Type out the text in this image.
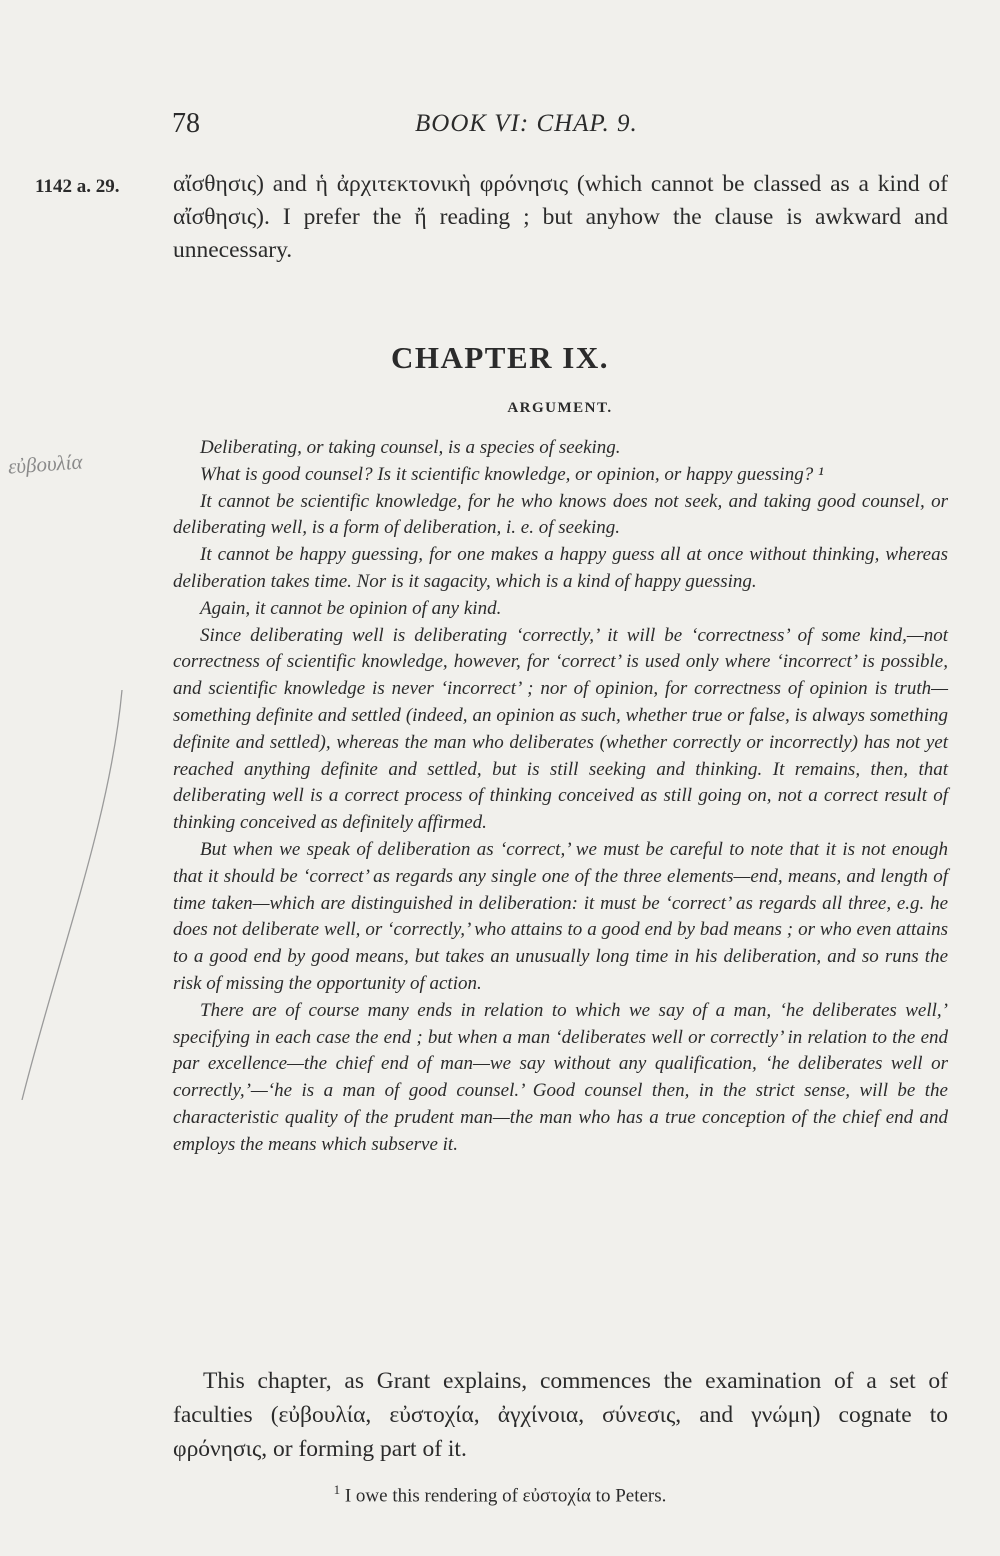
78	BOOK VI: CHAP. 9.
1142 a. 29.
εὐβουλία

αἴσθησις) and ἡ ἀρχιτεκτονικὴ φρόνησις (which cannot be classed as a kind of αἴσθησις). I prefer the ἤ reading ; but anyhow the clause is awkward and unnecessary.

CHAPTER IX.
ARGUMENT.

Deliberating, or taking counsel, is a species of seeking.

What is good counsel? Is it scientific knowledge, or opinion, or happy guessing? ¹

It cannot be scientific knowledge, for he who knows does not seek, and taking good counsel, or deliberating well, is a form of deliberation, i. e. of seeking.

It cannot be happy guessing, for one makes a happy guess all at once without thinking, whereas deliberation takes time. Nor is it sagacity, which is a kind of happy guessing.

Again, it cannot be opinion of any kind.

Since deliberating well is deliberating ‘correctly,’ it will be ‘correctness’ of some kind,—not correctness of scientific knowledge, however, for ‘correct’ is used only where ‘incorrect’ is possible, and scientific knowledge is never ‘incorrect’ ; nor of opinion, for correctness of opinion is truth—something definite and settled (indeed, an opinion as such, whether true or false, is always something definite and settled), whereas the man who deliberates (whether correctly or incorrectly) has not yet reached anything definite and settled, but is still seeking and thinking. It remains, then, that deliberating well is a correct process of thinking conceived as still going on, not a correct result of thinking conceived as definitely affirmed.

But when we speak of deliberation as ‘correct,’ we must be careful to note that it is not enough that it should be ‘correct’ as regards any single one of the three elements—end, means, and length of time taken—which are distinguished in deliberation: it must be ‘correct’ as regards all three, e.g. he does not deliberate well, or ‘correctly,’ who attains to a good end by bad means ; or who even attains to a good end by good means, but takes an unusually long time in his deliberation, and so runs the risk of missing the opportunity of action.

There are of course many ends in relation to which we say of a man, ‘he deliberates well,’ specifying in each case the end ; but when a man ‘deliberates well or correctly’ in relation to the end par excellence—the chief end of man—we say without any qualification, ‘he deliberates well or correctly,’—‘he is a man of good counsel.’ Good counsel then, in the strict sense, will be the characteristic quality of the prudent man—the man who has a true conception of the chief end and employs the means which subserve it.

This chapter, as Grant explains, commences the examination of a set of faculties (εὐβουλία, εὐστοχία, ἀγχίνοια, σύνεσις, and γνώμη) cognate to φρόνησις, or forming part of it.

$^1$ I owe this rendering of εὐστοχία to Peters.
